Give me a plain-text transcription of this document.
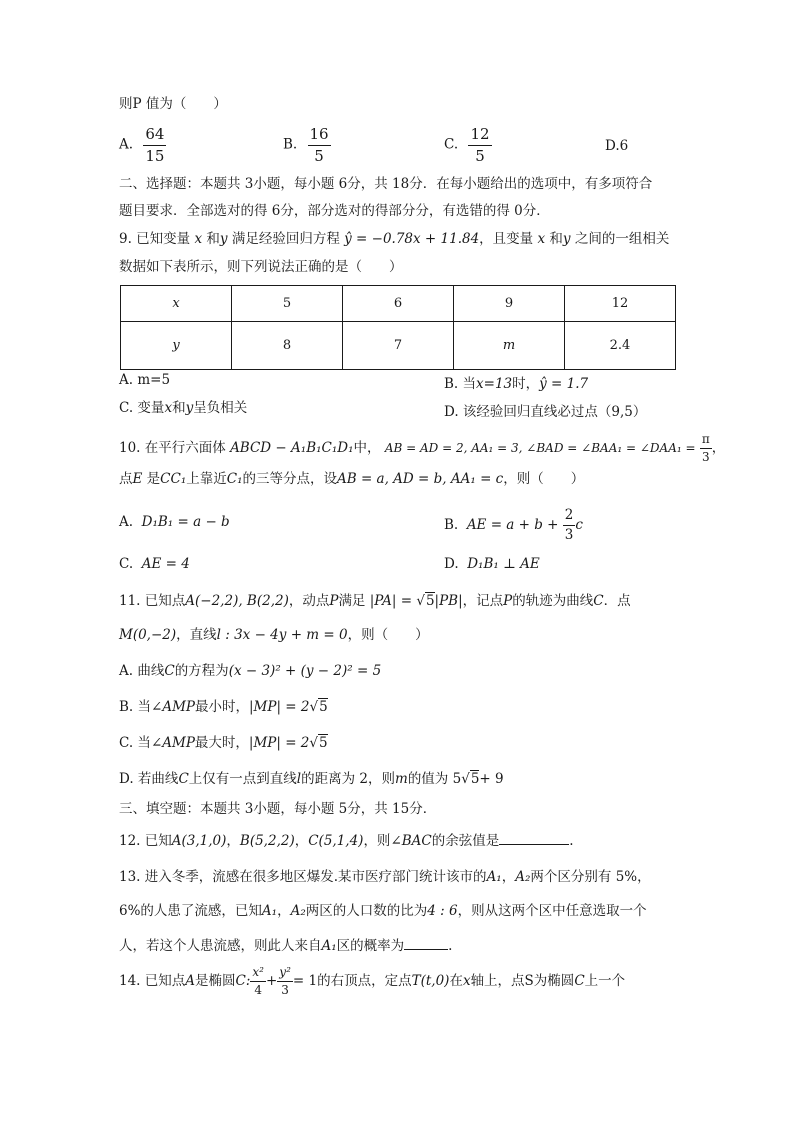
则P 值为（　　）
A. $\frac{64}{15}$	B. $\frac{16}{5}$	C. $\frac{12}{5}$	D.6
二、选择题：本题共 3小题，每小题 6分，共 18分．在每小题给出的选项中，有多项符合
题目要求．全部选对的得 6分，部分选对的得部分分，有选错的得 0分．
9. 已知变量 x 和y 满足经验回归方程 ŷ = −0.78x + 11.84，且变量 x 和y 之间的一组相关
数据如下表所示，则下列说法正确的是（　　）
x	5	6	9	12
y	8	7	m	2.4
A. m=5	B. 当x=13时，ŷ = 1.7
C. 变量x和y呈负相关	D. 该经验回归直线必过点（9,5）
10. 在平行六面体 ABCD − A₁B₁C₁D₁中， AB = AD = 2, AA₁ = 3, ∠BAD = ∠BAA₁ = ∠DAA₁ = $\frac{\pi}{3}$ ，
点E 是CC₁上靠近C₁的三等分点，设AB = a, AD = b, AA₁ = c，则（　　）
A. D₁B₁ = a − b	B. AE = $a + b + \frac{2}{3}$ c
C. AE = 4	D. D₁B₁ ⊥ AE
11. 已知点A(−2,2), B(2,2)，动点P满足 |PA| = √5|PB|，记点P的轨迹为曲线C．点
M(0,−2)，直线l : 3x − 4y + m = 0，则（　　）
A. 曲线C的方程为(x − 3)² + (y − 2)² = 5
B. 当∠AMP最小时，|MP| = 2√5
C. 当∠AMP最大时，|MP| = 2√5
D. 若曲线C上仅有一点到直线l的距离为 2，则m的值为 5√5+ 9
三、填空题：本题共 3小题，每小题 5分，共 15分．
12. 已知A(3,1,0)，B(5,2,2)，C(5,1,4)，则∠BAC的余弦值是	.
13. 进入冬季，流感在很多地区爆发.某市医疗部门统计该市的A₁，A₂两个区分别有 5%，
6%的人患了流感，已知A₁，A₂两区的人口数的比为4 : 6，则从这两个区中任意选取一个
人，若这个人患流感，则此人来自A₁区的概率为	.
14. 已知点A是椭圆C: $\frac{\text{x²}}{4} + \frac{\text{y²}}{3} = 1$的右顶点，定点T(t,0)在x轴上，点S为椭圆C上一个
